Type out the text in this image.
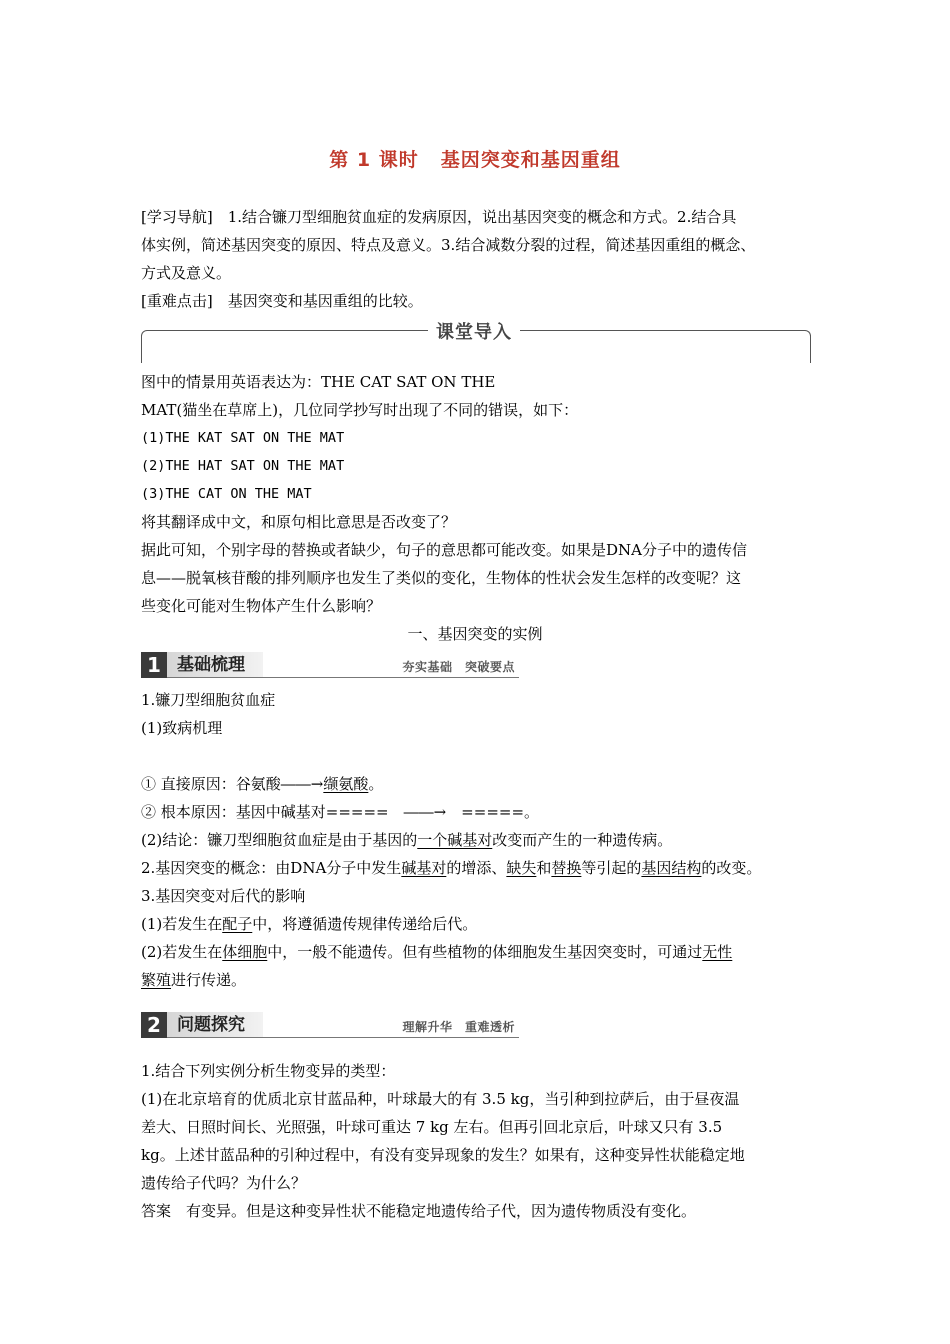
第 1 课时 基因突变和基因重组
[学习导航]　1.结合镰刀型细胞贫血症的发病原因，说出基因突变的概念和方式。2.结合具
体实例，简述基因突变的原因、特点及意义。3.结合减数分裂的过程，简述基因重组的概念、
方式及意义。
[重难点击]　基因突变和基因重组的比较。
课堂导入
图中的情景用英语表达为：THE CAT SAT ON THE
MAT(猫坐在草席上)，几位同学抄写时出现了不同的错误，如下：
(1)THE KAT SAT ON THE MAT
(2)THE HAT SAT ON THE MAT
(3)THE CAT ON THE MAT
将其翻译成中文，和原句相比意思是否改变了？
据此可知，个别字母的替换或者缺少，句子的意思都可能改变。如果是DNA分子中的遗传信
息——脱氧核苷酸的排列顺序也发生了类似的变化，生物体的性状会发生怎样的改变呢？这
些变化可能对生物体产生什么影响？
一、基因突变的实例
1 基础梳理	夯实基础　突破要点
1.镰刀型细胞贫血症
(1)致病机理
① 直接原因：谷氨酸――→缬氨酸。
② 根本原因：基因中碱基对=====　――→　=====。
(2)结论：镰刀型细胞贫血症是由于基因的一个碱基对改变而产生的一种遗传病。
2.基因突变的概念：由DNA分子中发生碱基对的增添、缺失和替换等引起的基因结构的改变。
3.基因突变对后代的影响
(1)若发生在配子中，将遵循遗传规律传递给后代。
(2)若发生在体细胞中，一般不能遗传。但有些植物的体细胞发生基因突变时，可通过无性
繁殖进行传递。
2 问题探究	理解升华　重难透析
1.结合下列实例分析生物变异的类型：
(1)在北京培育的优质北京甘蓝品种，叶球最大的有 3.5 kg，当引种到拉萨后，由于昼夜温
差大、日照时间长、光照强，叶球可重达 7 kg 左右。但再引回北京后，叶球又只有 3.5
kg。上述甘蓝品种的引种过程中，有没有变异现象的发生？如果有，这种变异性状能稳定地
遗传给子代吗？为什么？
答案　有变异。但是这种变异性状不能稳定地遗传给子代，因为遗传物质没有变化。
